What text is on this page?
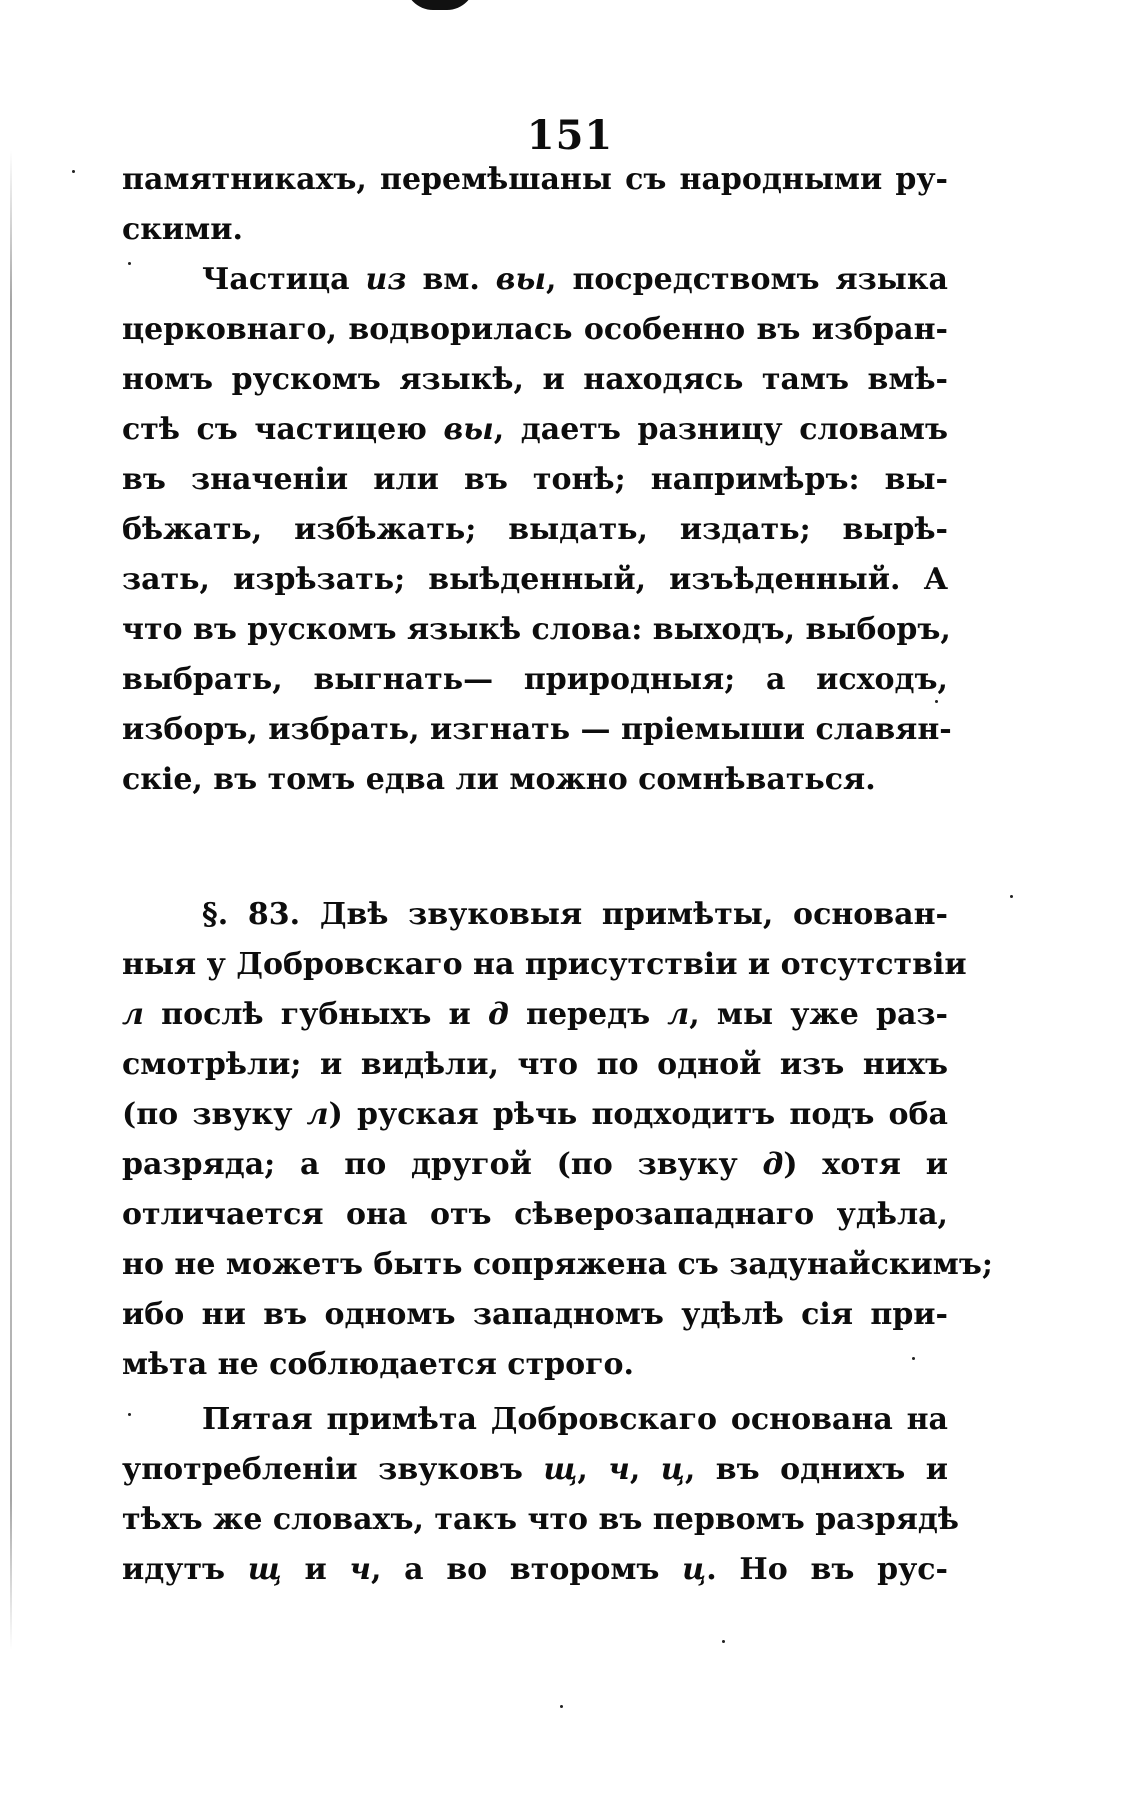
151
памятникахъ, перемѣшаны съ народными ру-
скими.
Частица из вм. вы, посредствомъ языка
церковнаго, водворилась особенно въ избран-
номъ рускомъ языкѣ, и находясь тамъ вмѣ-
стѣ съ частицею вы, даетъ разницу словамъ
въ значеніи или въ тонѣ; напримѣръ: вы-
бѣжать, избѣжать; выдать, издать; вырѣ-
зать, изрѣзать; выѣденный, изъѣденный. А
что въ рускомъ языкѣ слова: выходъ, выборъ,
выбрать, выгнать— природныя; а исходъ,
изборъ, избрать, изгнать — пріемыши славян-
скіе, въ томъ едва ли можно сомнѣваться.
§. 83. Двѣ звуковыя примѣты, основан-
ныя у Добровскаго на присутствіи и отсутствіи
л послѣ губныхъ и д передъ л, мы уже раз-
смотрѣли; и видѣли, что по одной изъ нихъ
(по звуку л) руская рѣчь подходитъ подъ оба
разряда; а по другой (по звуку д) хотя и
отличается она отъ сѣверозападнаго удѣла,
но не можетъ быть сопряжена съ задунайскимъ;
ибо ни въ одномъ западномъ удѣлѣ сія при-
мѣта не соблюдается строго.
Пятая примѣта Добровскаго основана на
употребленіи звуковъ щ, ч, ц, въ однихъ и
тѣхъ же словахъ, такъ что въ первомъ разрядѣ
идутъ щ и ч, а во второмъ ц. Но въ рус-
